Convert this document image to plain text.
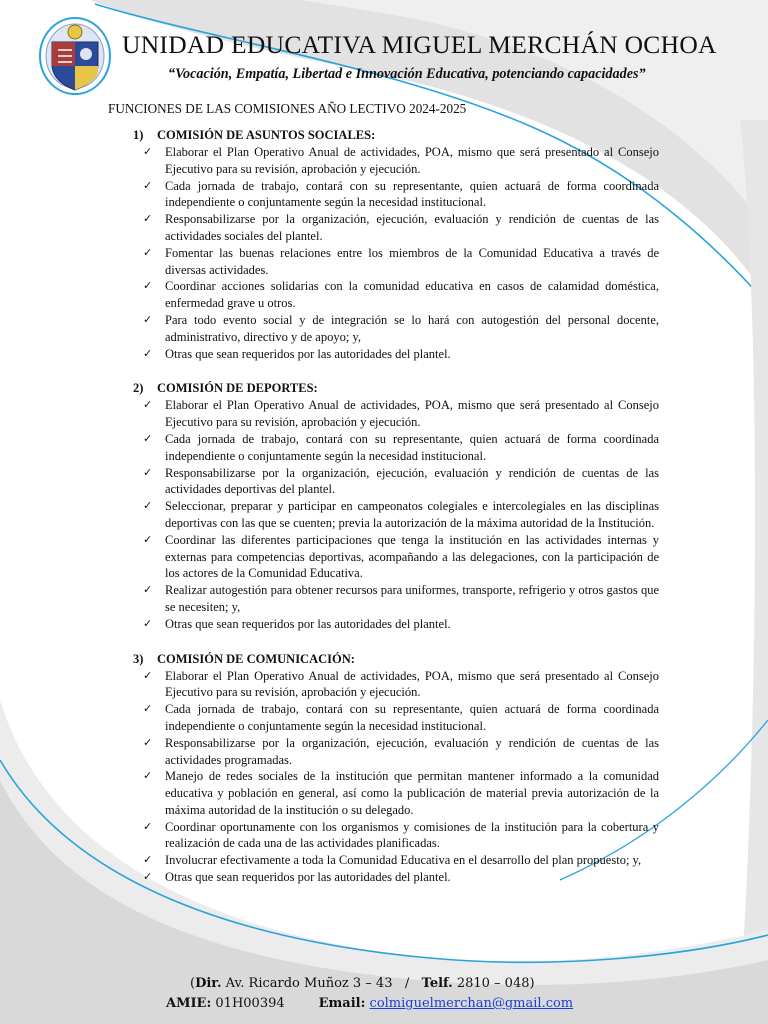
UNIDAD EDUCATIVA MIGUEL MERCHÁN OCHOA
“Vocación, Empatía, Libertad e Innovación Educativa, potenciando capacidades”
FUNCIONES DE LAS COMISIONES AÑO LECTIVO 2024-2025
1)	COMISIÓN DE ASUNTOS SOCIALES:
✓ Elaborar el Plan Operativo Anual de actividades, POA, mismo que será presentado al Consejo Ejecutivo para su revisión, aprobación y ejecución.
✓ Cada jornada de trabajo, contará con su representante, quien actuará de forma coordinada independiente o conjuntamente según la necesidad institucional.
✓ Responsabilizarse por la organización, ejecución, evaluación y rendición de cuentas de las actividades sociales del plantel.
✓ Fomentar las buenas relaciones entre los miembros de la Comunidad Educativa a través de diversas actividades.
✓ Coordinar acciones solidarias con la comunidad educativa en casos de calamidad doméstica, enfermedad grave u otros.
✓ Para todo evento social y de integración se lo hará con autogestión del personal docente, administrativo, directivo y de apoyo; y,
✓ Otras que sean requeridos por las autoridades del plantel.
2)	COMISIÓN DE DEPORTES:
✓ Elaborar el Plan Operativo Anual de actividades, POA, mismo que será presentado al Consejo Ejecutivo para su revisión, aprobación y ejecución.
✓ Cada jornada de trabajo, contará con su representante, quien actuará de forma coordinada independiente o conjuntamente según la necesidad institucional.
✓ Responsabilizarse por la organización, ejecución, evaluación y rendición de cuentas de las actividades deportivas del plantel.
✓ Seleccionar, preparar y participar en campeonatos colegiales e intercolegiales en las disciplinas deportivas con las que se cuenten; previa la autorización de la máxima autoridad de la Institución.
✓ Coordinar las diferentes participaciones que tenga la institución en las actividades internas y externas para competencias deportivas, acompañando a las delegaciones, con la participación de los actores de la Comunidad Educativa.
✓ Realizar autogestión para obtener recursos para uniformes, transporte, refrigerio y otros gastos que se necesiten; y,
✓ Otras que sean requeridos por las autoridades del plantel.
3)	COMISIÓN DE COMUNICACIÓN:
✓ Elaborar el Plan Operativo Anual de actividades, POA, mismo que será presentado al Consejo Ejecutivo para su revisión, aprobación y ejecución.
✓ Cada jornada de trabajo, contará con su representante, quien actuará de forma coordinada independiente o conjuntamente según la necesidad institucional.
✓ Responsabilizarse por la organización, ejecución, evaluación y rendición de cuentas de las actividades programadas.
✓ Manejo de redes sociales de la institución que permitan mantener informado a la comunidad educativa y población en general, así como la publicación de material previa autorización de la máxima autoridad de la institución o su delegado.
✓ Coordinar oportunamente con los organismos y comisiones de la institución para la cobertura y realización de cada una de las actividades planificadas.
✓ Involucrar efectivamente a toda la Comunidad Educativa en el desarrollo del plan propuesto; y,
✓ Otras que sean requeridos por las autoridades del plantel.
(Dir. Av. Ricardo Muñoz 3 – 43   /   Telf. 2810 – 048)
AMIE: 01H00394	Email: colmiguelmerchan@gmail.com
